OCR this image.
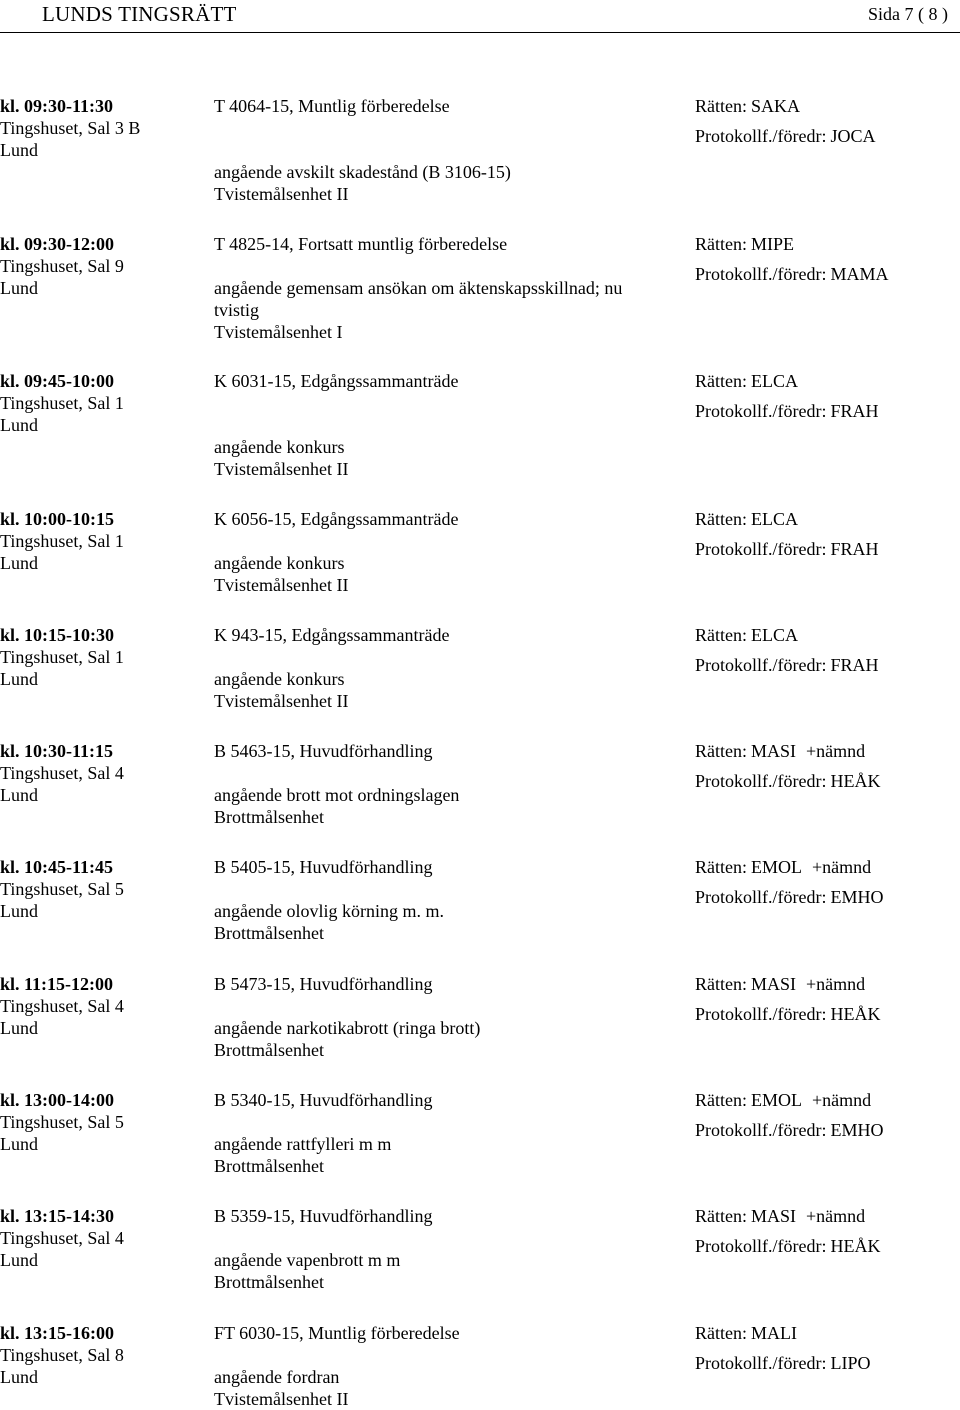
LUNDS TINGSRÄTT	Sida 7 ( 8 )
kl. 09:30-11:30
Tingshuset, Sal 3 B
Lund
T 4064-15, Muntlig förberedelse
angående avskilt skadestånd (B 3106-15)
Tvistemålsenhet II
Rätten: SAKA
Protokollf./föredr: JOCA
kl. 09:30-12:00
Tingshuset, Sal 9
Lund
T 4825-14, Fortsatt muntlig förberedelse
angående gemensam ansökan om äktenskapsskillnad; nu
tvistig
Tvistemålsenhet I
Rätten: MIPE
Protokollf./föredr: MAMA
kl. 09:45-10:00
Tingshuset, Sal 1
Lund
K 6031-15, Edgångssammanträde
angående konkurs
Tvistemålsenhet II
Rätten: ELCA
Protokollf./föredr: FRAH
kl. 10:00-10:15
Tingshuset, Sal 1
Lund
K 6056-15, Edgångssammanträde
angående konkurs
Tvistemålsenhet II
Rätten: ELCA
Protokollf./föredr: FRAH
kl. 10:15-10:30
Tingshuset, Sal 1
Lund
K 943-15, Edgångssammanträde
angående konkurs
Tvistemålsenhet II
Rätten: ELCA
Protokollf./föredr: FRAH
kl. 10:30-11:15
Tingshuset, Sal 4
Lund
B 5463-15, Huvudförhandling
angående brott mot ordningslagen
Brottmålsenhet
Rätten: MASI +nämnd
Protokollf./föredr: HEÅK
kl. 10:45-11:45
Tingshuset, Sal 5
Lund
B 5405-15, Huvudförhandling
angående olovlig körning m. m.
Brottmålsenhet
Rätten: EMOL +nämnd
Protokollf./föredr: EMHO
kl. 11:15-12:00
Tingshuset, Sal 4
Lund
B 5473-15, Huvudförhandling
angående narkotikabrott (ringa brott)
Brottmålsenhet
Rätten: MASI +nämnd
Protokollf./föredr: HEÅK
kl. 13:00-14:00
Tingshuset, Sal 5
Lund
B 5340-15, Huvudförhandling
angående rattfylleri m m
Brottmålsenhet
Rätten: EMOL +nämnd
Protokollf./föredr: EMHO
kl. 13:15-14:30
Tingshuset, Sal 4
Lund
B 5359-15, Huvudförhandling
angående vapenbrott m m
Brottmålsenhet
Rätten: MASI +nämnd
Protokollf./föredr: HEÅK
kl. 13:15-16:00
Tingshuset, Sal 8
Lund
FT 6030-15, Muntlig förberedelse
angående fordran
Tvistemålsenhet II
Rätten: MALI
Protokollf./föredr: LIPO
